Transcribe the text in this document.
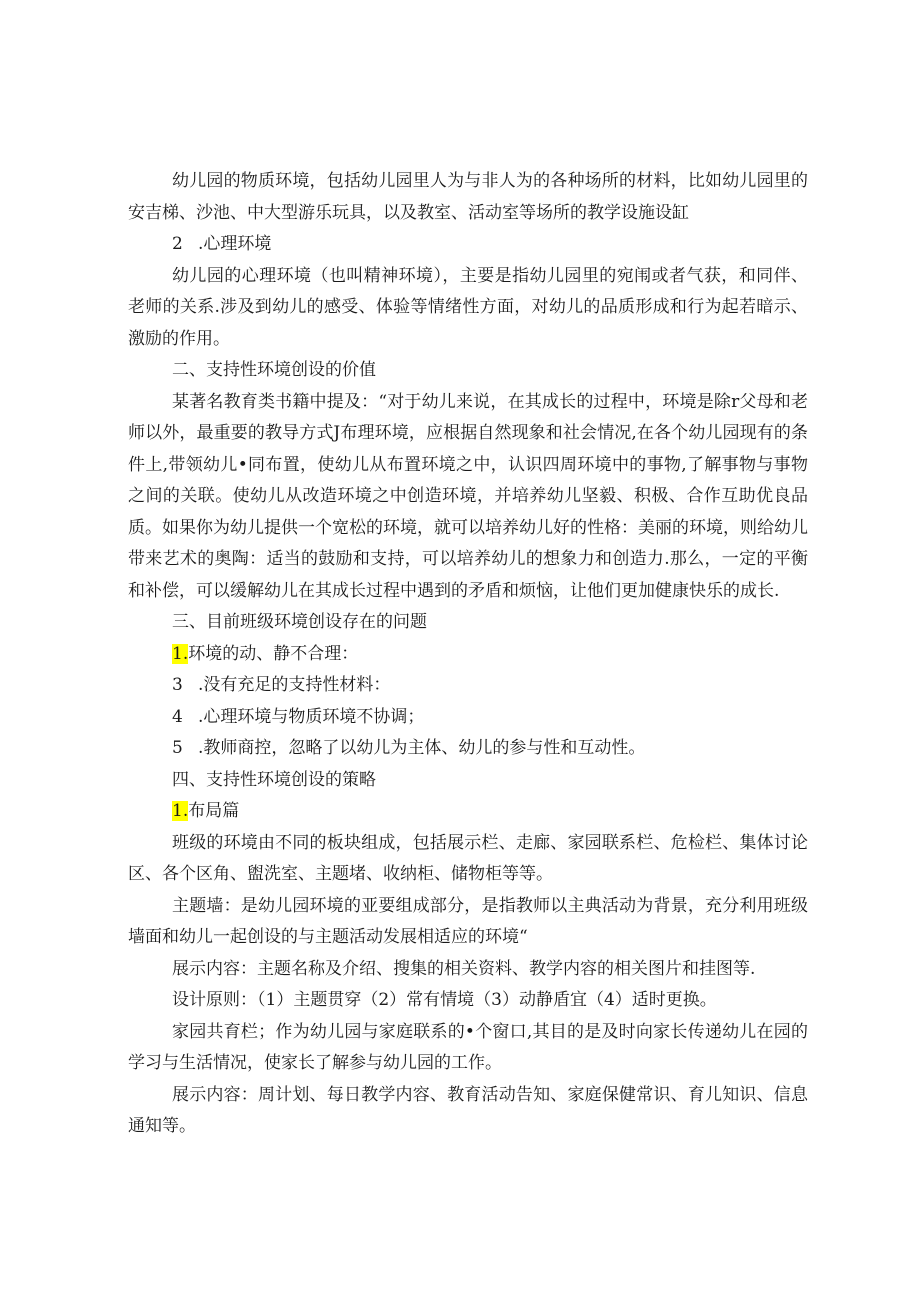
幼儿园的物质环境，包括幼儿园里人为与非人为的各种场所的材料，比如幼儿园里的安吉梯、沙池、中大型游乐玩具，以及教室、活动室等场所的教学设施设缸

2 .心理环境

幼儿园的心理环境（也叫精神环境），主要是指幼儿园里的宛闱或者气获，和同伴、老师的关系.涉及到幼儿的感受、体验等情绪性方面，对幼儿的品质形成和行为起若暗示、激励的作用。

二、支持性环境创设的价值

某著名教育类书籍中提及：“对于幼儿来说，在其成长的过程中，环境是除r父母和老师以外，最重要的教导方式J布理环境，应根据自然现象和社会情况,在各个幼儿园现有的条件上,带领幼儿•同布置，使幼儿从布置环境之中，认识四周环境中的事物,了解事物与事物之间的关联。使幼儿从改造环境之中创造环境，并培养幼儿坚毅、积极、合作互助优良品质。如果你为幼儿提供一个宽松的环境，就可以培养幼儿好的性格：美丽的环境，则给幼儿带来艺术的奥陶：适当的鼓励和支持，可以培养幼儿的想象力和创造力.那么，一定的平衡和补偿，可以缓解幼儿在其成长过程中遇到的矛盾和烦恼，让他们更加健康快乐的成长.

三、目前班级环境创设存在的问题

1.环境的动、静不合理：

3 .没有充足的支持性材料：

4 .心理环境与物质环境不协调；

5 .教师商控，忽略了以幼儿为主体、幼儿的参与性和互动性。

四、支持性环境创设的策略

1.布局篇

班级的环境由不同的板块组成，包括展示栏、走廊、家园联系栏、危检栏、集体讨论区、各个区角、盥洗室、主题堵、收纳柜、储物柜等等。

主题墙：是幼儿园环境的亚要组成部分，是指教师以主典活动为背景，充分利用班级墙面和幼儿一起创设的与主题活动发展相适应的环境“

展示内容：主题名称及介绍、搜集的相关资料、教学内容的相关图片和挂图等.

设计原则：（1）主题贯穿（2）常有情境（3）动静盾宜（4）适时更换。

家园共育栏；作为幼儿园与家庭联系的•个窗口,其目的是及时向家长传递幼儿在园的学习与生活情况，使家长了解参与幼儿园的工作。

展示内容：周计划、每日教学内容、教育活动告知、家庭保健常识、育儿知识、信息通知等。
